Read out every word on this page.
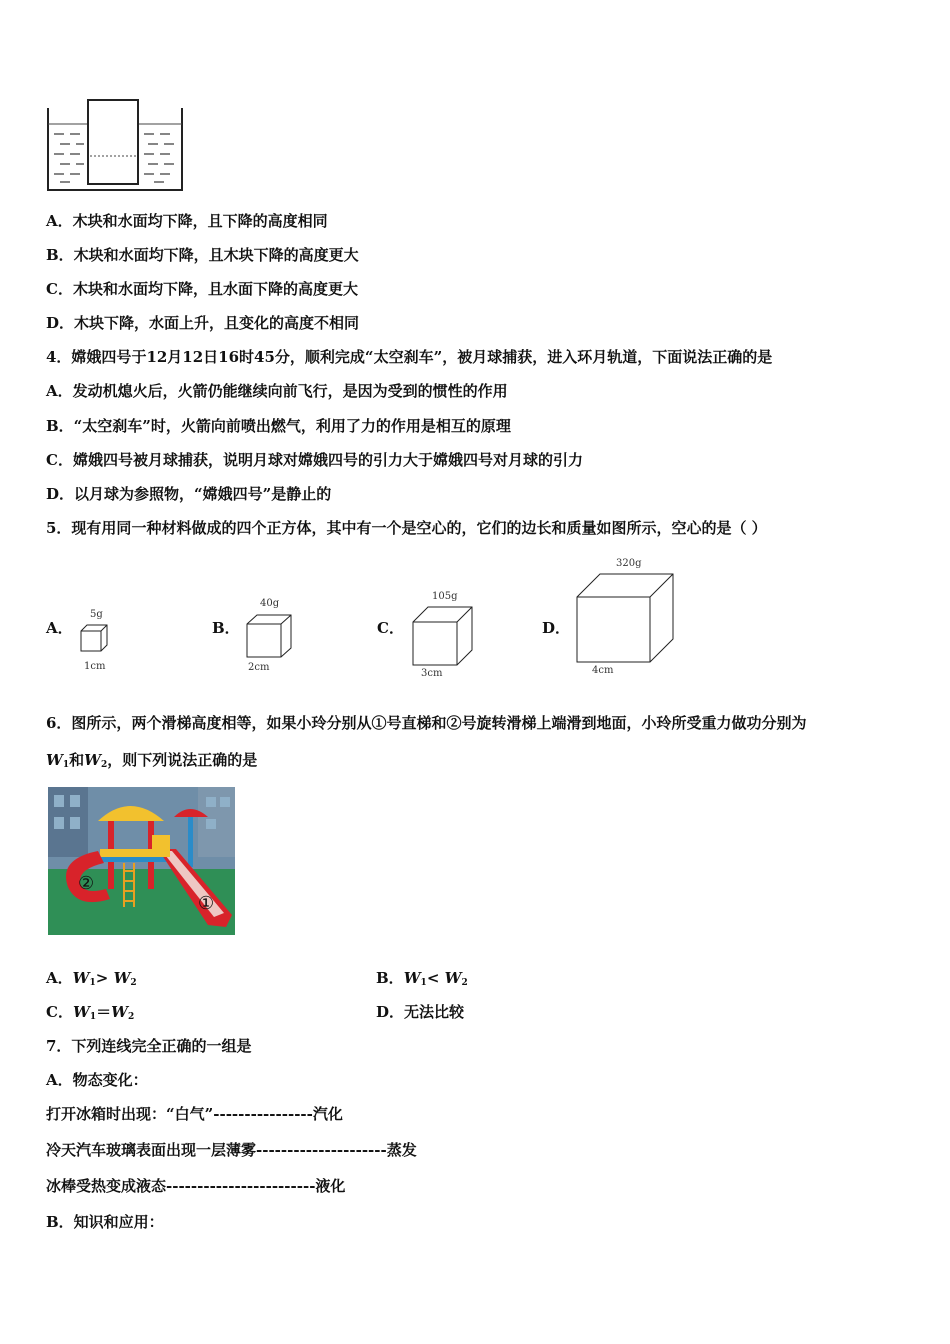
A．木块和水面均下降，且下降的高度相同
B．木块和水面均下降，且木块下降的高度更大
C．木块和水面均下降，且水面下降的高度更大
D．木块下降，水面上升，且变化的高度不相同
4．嫦娥四号于12月12日16时45分，顺利完成“太空刹车”，被月球捕获，进入环月轨道，下面说法正确的是
A．发动机熄火后，火箭仍能继续向前飞行，是因为受到的惯性的作用
B．“太空刹车”时，火箭向前喷出燃气，利用了力的作用是相互的原理
C．嫦娥四号被月球捕获，说明月球对嫦娥四号的引力大于嫦娥四号对月球的引力
D．以月球为参照物，“嫦娥四号”是静止的
5．现有用同一种材料做成的四个正方体，其中有一个是空心的，它们的边长和质量如图所示，空心的是（ ）
A．
5g
1cm
B．
40g
2cm
C．
105g
3cm
D．
320g
4cm
6．图所示，两个滑梯高度相等，如果小玲分别从①号直梯和②号旋转滑梯上端滑到地面，小玲所受重力做功分别为
$W_1$和$W_2$，则下列说法正确的是
②
①
A．$W_1> W_2$	B．$W_1< W_2$
C．$W_1=W_2$	D．无法比较
7．下列连线完全正确的一组是
A．物态变化：
打开冰箱时出现：“白气”----------------汽化
冷天汽车玻璃表面出现一层薄雾---------------------蒸发
冰棒受热变成液态------------------------液化
B．知识和应用：
